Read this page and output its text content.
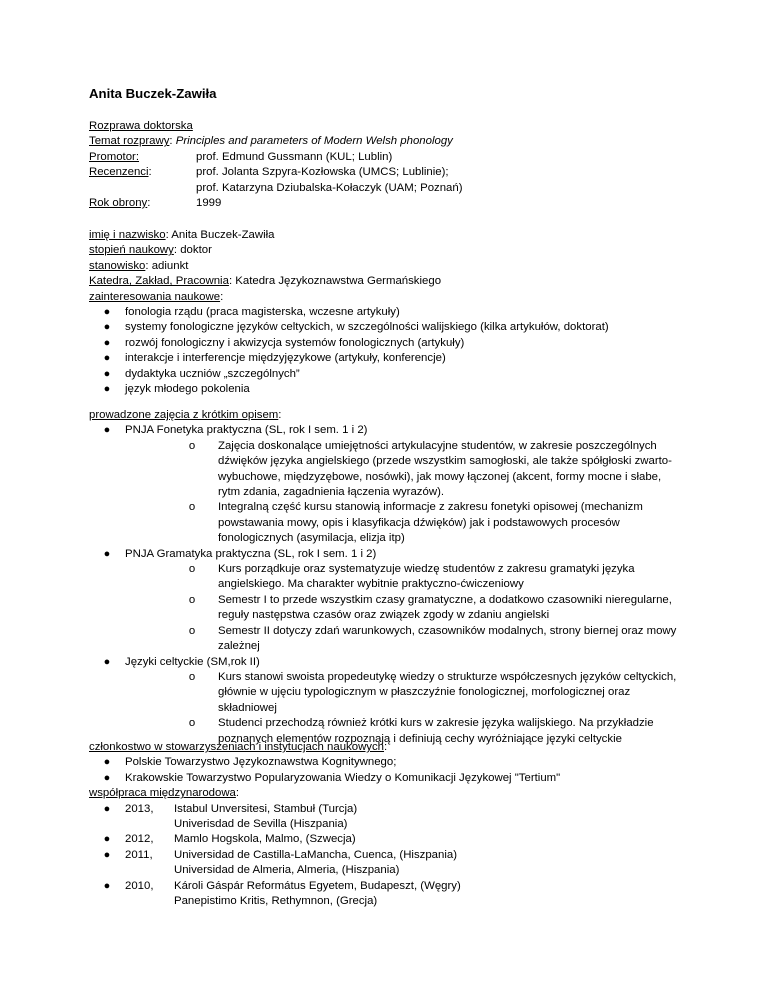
Anita Buczek-Zawiła
Rozprawa doktorska
Temat rozprawy: Principles and parameters of Modern Welsh phonology
Promotor:	prof. Edmund Gussmann (KUL; Lublin)
Recenzenci:	prof. Jolanta Szpyra-Kozłowska (UMCS; Lublinie);
prof. Katarzyna Dziubalska-Kołaczyk (UAM; Poznań)
Rok obrony:	1999
imię i nazwisko: Anita Buczek-Zawiła
stopień naukowy: doktor
stanowisko: adiunkt
Katedra, Zakład, Pracownia: Katedra Językoznawstwa Germańskiego
zainteresowania naukowe:
●	fonologia rządu (praca magisterska, wczesne artykuły)
●	systemy fonologiczne języków celtyckich, w szczególności walijskiego (kilka artykułów, doktorat)
●	rozwój fonologiczny i akwizycja systemów fonologicznych (artykuły)
●	interakcje i interferencje międzyjęzykowe (artykuły, konferencje)
●	dydaktyka uczniów „szczególnych”
●	język młodego pokolenia
prowadzone zajęcia z krótkim opisem:
●	PNJA Fonetyka praktyczna (SL, rok I sem. 1 i 2)
o	Zajęcia doskonalące umiejętności artykulacyjne studentów, w zakresie poszczególnych dźwięków języka angielskiego (przede wszystkim samogłoski, ale także spółgłoski zwarto-wybuchowe, międzyzębowe, nosówki), jak mowy łączonej (akcent, formy mocne i słabe, rytm zdania, zagadnienia łączenia wyrazów).
o	Integralną część kursu stanowią informacje z zakresu fonetyki opisowej (mechanizm powstawania mowy, opis i klasyfikacja dźwięków) jak i podstawowych procesów fonologicznych (asymilacja, elizja itp)
●	PNJA Gramatyka praktyczna (SL, rok I sem. 1 i 2)
o	Kurs porządkuje oraz systematyzuje wiedzę studentów z zakresu gramatyki języka angielskiego. Ma charakter wybitnie praktyczno-ćwiczeniowy
o	Semestr I to przede wszystkim czasy gramatyczne, a dodatkowo czasowniki nieregularne, reguły następstwa czasów oraz związek zgody w zdaniu angielski
o	Semestr II dotyczy zdań warunkowych, czasowników modalnych, strony biernej oraz mowy zależnej
●	Języki celtyckie (SM,rok II)
o	Kurs stanowi swoista propedeutykę wiedzy o strukturze współczesnych języków celtyckich, głównie w ujęciu typologicznym w płaszczyźnie fonologicznej, morfologicznej oraz składniowej
o	Studenci przechodzą również krótki kurs w zakresie języka walijskiego. Na przykładzie poznanych elementów rozpoznają i definiują cechy wyróżniające języki celtyckie
członkostwo w stowarzyszeniach i instytucjach naukowych:
●	Polskie Towarzystwo Językoznawstwa Kognitywnego;
●	Krakowskie Towarzystwo Popularyzowania Wiedzy o Komunikacji Językowej "Tertium"
współpraca międzynarodowa:
●	2013, Istabul Unversitesi, Stambuł (Turcja)
Univerisdad de Sevilla (Hiszpania)
●	2012, Mamlo Hogskola, Malmo, (Szwecja)
●	2011, Universidad de Castilla-LaMancha, Cuenca, (Hiszpania)
Universidad de Almeria, Almeria, (Hiszpania)
●	2010, Károli Gáspár Református Egyetem, Budapeszt, (Węgry)
Panepistimo Kritis, Rethymnon, (Grecja)
